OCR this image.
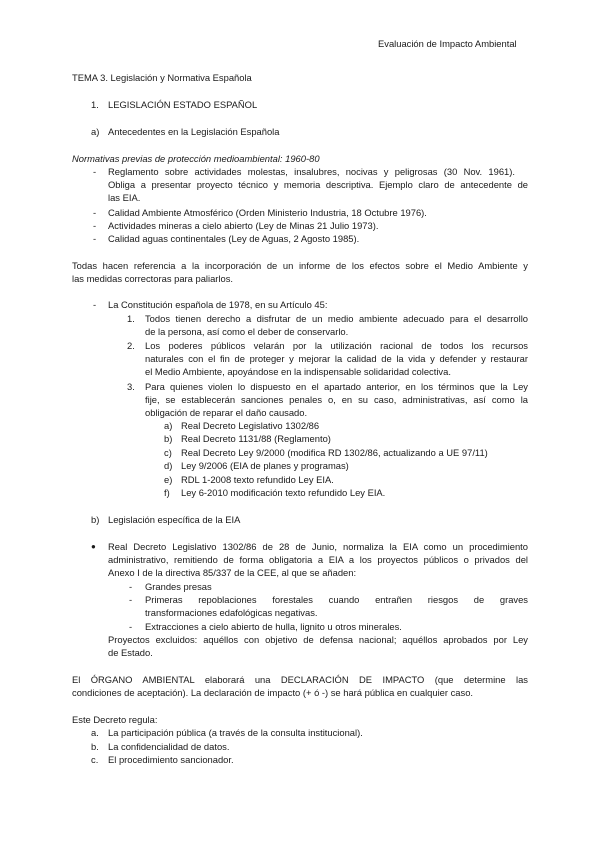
Evaluación de Impacto Ambiental
TEMA 3. Legislación y Normativa Española
1. LEGISLACIÓN ESTADO ESPAÑOL
a) Antecedentes en la Legislación Española
Normativas previas de protección medioambiental: 1960-80
- Reglamento sobre actividades molestas, insalubres, nocivas y peligrosas (30 Nov. 1961).
Obliga a presentar proyecto técnico y memoria descriptiva. Ejemplo claro de antecedente de
las EIA.
- Calidad Ambiente Atmosférico (Orden Ministerio Industria, 18 Octubre 1976).
- Actividades mineras a cielo abierto (Ley de Minas 21 Julio 1973).
- Calidad aguas continentales (Ley de Aguas, 2 Agosto 1985).
Todas hacen referencia a la incorporación de un informe de los efectos sobre el Medio Ambiente y
las medidas correctoras para paliarlos.
- La Constitución española de 1978, en su Artículo 45:
1. Todos tienen derecho a disfrutar de un medio ambiente adecuado para el desarrollo
de la persona, así como el deber de conservarlo.
2. Los poderes públicos velarán por la utilización racional de todos los recursos
naturales con el fin de proteger y mejorar la calidad de la vida y defender y restaurar
el Medio Ambiente, apoyándose en la indispensable solidaridad colectiva.
3. Para quienes violen lo dispuesto en el apartado anterior, en los términos que la Ley
fije, se establecerán sanciones penales o, en su caso, administrativas, así como la
obligación de reparar el daño causado.
a) Real Decreto Legislativo 1302/86
b) Real Decreto 1131/88 (Reglamento)
c) Real Decreto Ley 9/2000 (modifica RD 1302/86, actualizando a UE 97/11)
d) Ley 9/2006 (EIA de planes y programas)
e) RDL 1-2008 texto refundido Ley EIA.
f) Ley 6-2010 modificación texto refundido Ley EIA.
b) Legislación específica de la EIA
● Real Decreto Legislativo 1302/86 de 28 de Junio, normaliza la EIA como un procedimiento
administrativo, remitiendo de forma obligatoria a EIA a los proyectos públicos o privados del
Anexo I de la directiva 85/337 de la CEE, al que se añaden:
- Grandes presas
- Primeras repoblaciones forestales cuando entrañen riesgos de graves
transformaciones edafológicas negativas.
- Extracciones a cielo abierto de hulla, lignito u otros minerales.
Proyectos excluidos: aquéllos con objetivo de defensa nacional; aquéllos aprobados por Ley
de Estado.
El ÓRGANO AMBIENTAL elaborará una DECLARACIÓN DE IMPACTO (que determine las
condiciones de aceptación). La declaración de impacto (+ ó -) se hará pública en cualquier caso.
Este Decreto regula:
a. La participación pública (a través de la consulta institucional).
b. La confidencialidad de datos.
c. El procedimiento sancionador.
